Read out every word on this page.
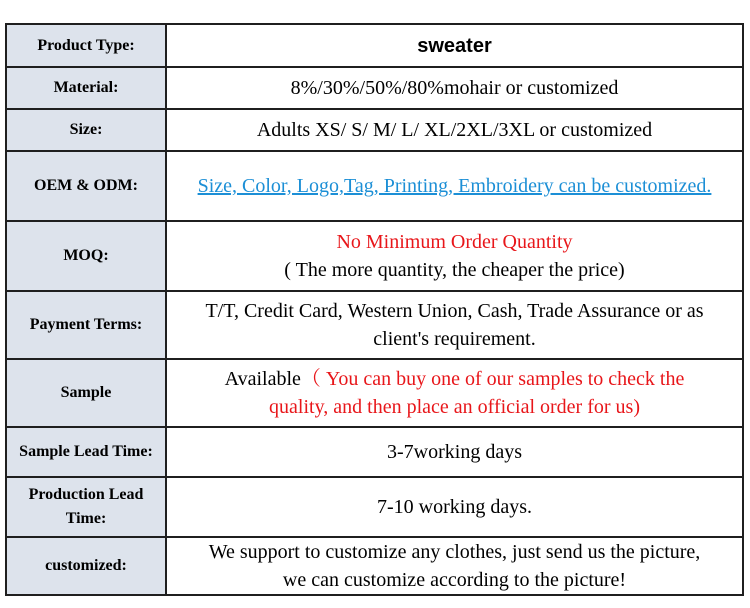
Product Type:	sweater
Material:	8%/30%/50%/80%mohair or customized
Size:	Adults XS/ S/ M/ L/ XL/2XL/3XL or customized
OEM & ODM:	Size, Color, Logo,Tag, Printing, Embroidery can be customized.
MOQ:	No Minimum Order Quantity
( The more quantity, the cheaper the price)

Payment Terms:	T/T, Credit Card, Western Union, Cash, Trade Assurance or as
client's requirement.

Sample	Available（ You can buy one of our samples to check the
quality, and then place an official order for us)

Sample Lead Time:	3-7working days

Production Lead
Time:	7-10 working days.
customized:	We support to customize any clothes, just send us the picture,
we can customize according to the picture!
